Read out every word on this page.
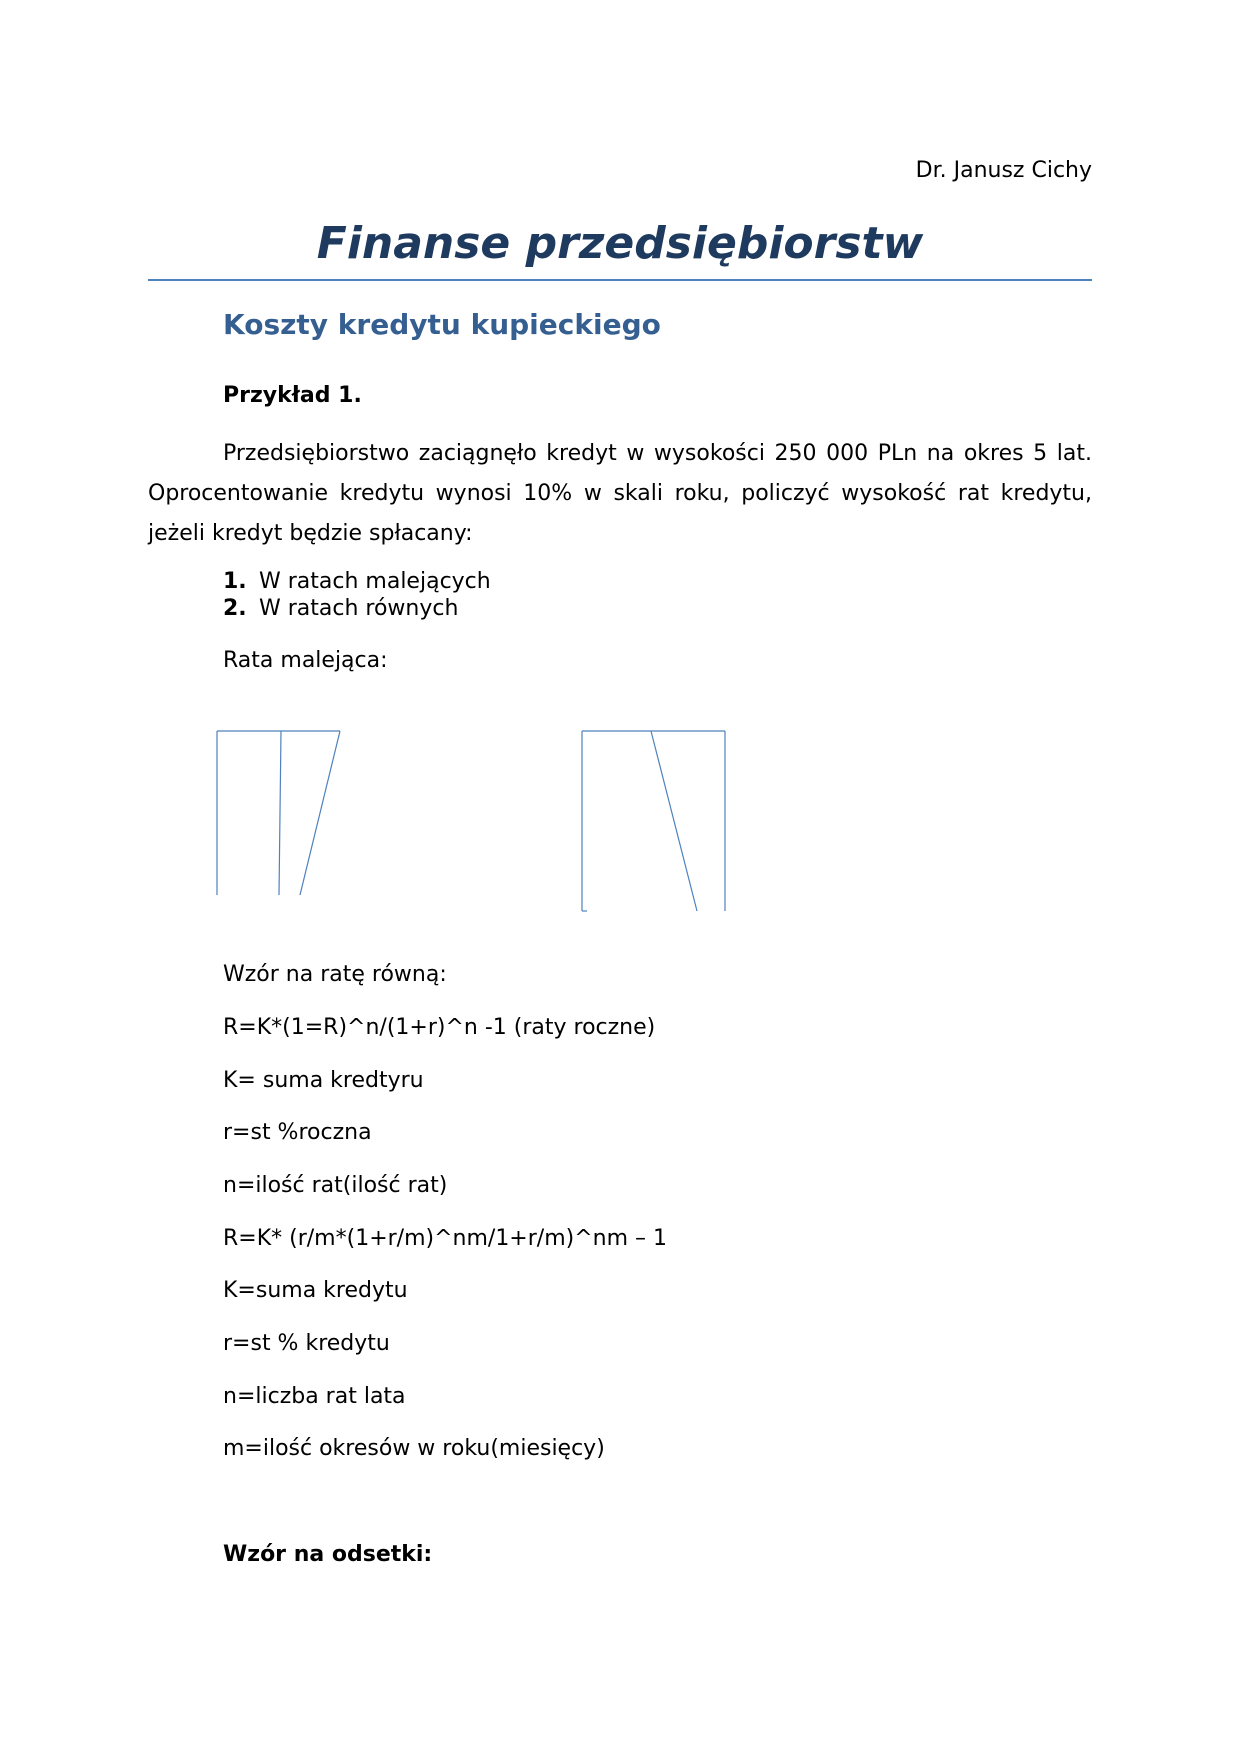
Dr. Janusz Cichy
Finanse przedsiębiorstw
Koszty kredytu kupieckiego
Przykład 1.
Przedsiębiorstwo zaciągnęło kredyt w wysokości 250 000 PLn na okres 5 lat. Oprocentowanie kredytu wynosi 10% w skali roku, policzyć wysokość rat kredytu, jeżeli kredyt będzie spłacany:
1. W ratach malejących
2. W ratach równych
Rata malejąca:
Wzór na ratę równą:
R=K*(1=R)^n/(1+r)^n -1 (raty roczne)
K= suma kredtyru
r=st %roczna
n=ilość rat(ilość rat)
R=K* (r/m*(1+r/m)^nm/1+r/m)^nm – 1
K=suma kredytu
r=st % kredytu
n=liczba rat lata
m=ilość okresów w roku(miesięcy)
Wzór na odsetki:
